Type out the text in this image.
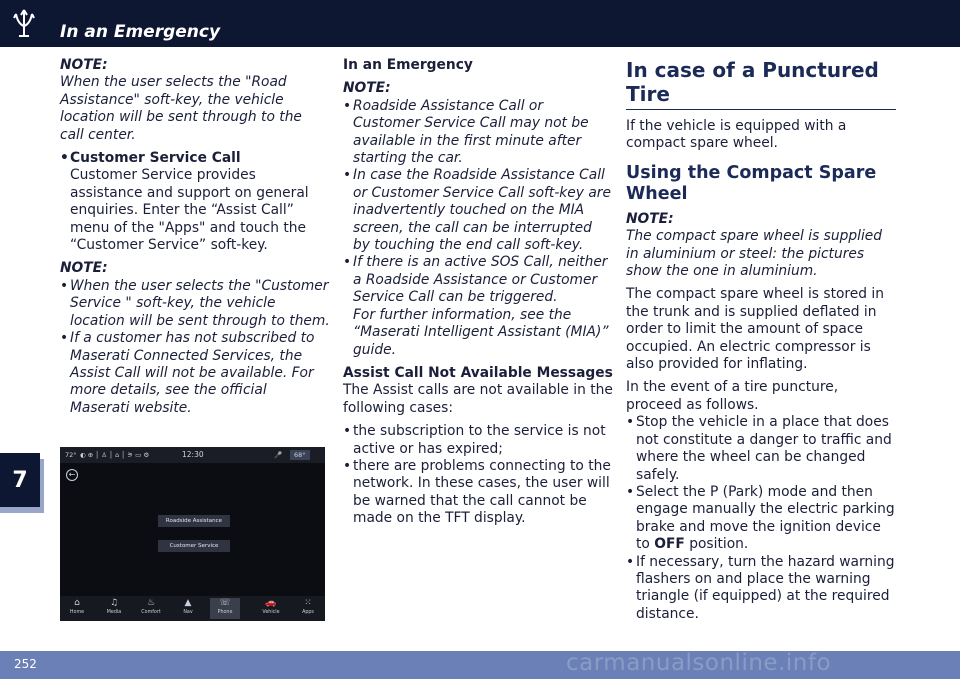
In an Emergency
7
NOTE:

When the user selects the "Road Assistance" soft-key, the vehicle location will be sent through to the call center.

• Customer Service Call

Customer Service provides assistance and support on general enquiries. Enter the “Assist Call” menu of the "Apps" and touch the “Customer Service” soft-key.

NOTE:
• When the user selects the "Customer Service " soft-key, the vehicle location will be sent through to them.
• If a customer has not subscribed to Maserati Connected Services, the Assist Call will not be available. For more details, see the official Maserati website.
72° ◐ ⊕ │ ♙ │ ⌂ │ ⚞ ▭ ⚙	12:30	🎤	68°
←
Roadside Assistance
Customer Service
⌂
Home
♫
Media
♨
Comfort
▲
Nav
☏
Phone
🚗
Vehicle
⁙
Apps

In an Emergency

NOTE:
• Roadside Assistance Call or Customer Service Call may not be available in the first minute after starting the car.
• In case the Roadside Assistance Call or Customer Service Call soft-key are inadvertently touched on the MIA screen, the call can be interrupted by touching the end call soft-key.
• If there is an active SOS Call, neither a Roadside Assistance or Customer Service Call can be triggered.

For further information, see the “Maserati Intelligent Assistant (MIA)” guide.

Assist Call Not Available Messages

The Assist calls are not available in the following cases:

• the subscription to the service is not active or has expired;
• there are problems connecting to the network. In these cases, the user will be warned that the call cannot be made on the TFT display.
In case of a Punctured Tire

If the vehicle is equipped with a compact spare wheel.

Using the Compact Spare Wheel
NOTE:

The compact spare wheel is supplied in aluminium or steel: the pictures show the one in aluminium.

The compact spare wheel is stored in the trunk and is supplied deflated in order to limit the amount of space occupied. An electric compressor is also provided for inflating.

In the event of a tire puncture, proceed as follows.

• Stop the vehicle in a place that does not constitute a danger to traffic and where the wheel can be changed safely.
• Select the P (Park) mode and then engage manually the electric parking brake and move the ignition device to OFF position.
• If necessary, turn the hazard warning flashers on and place the warning triangle (if equipped) at the required distance.
252	carmanualsonline.info
